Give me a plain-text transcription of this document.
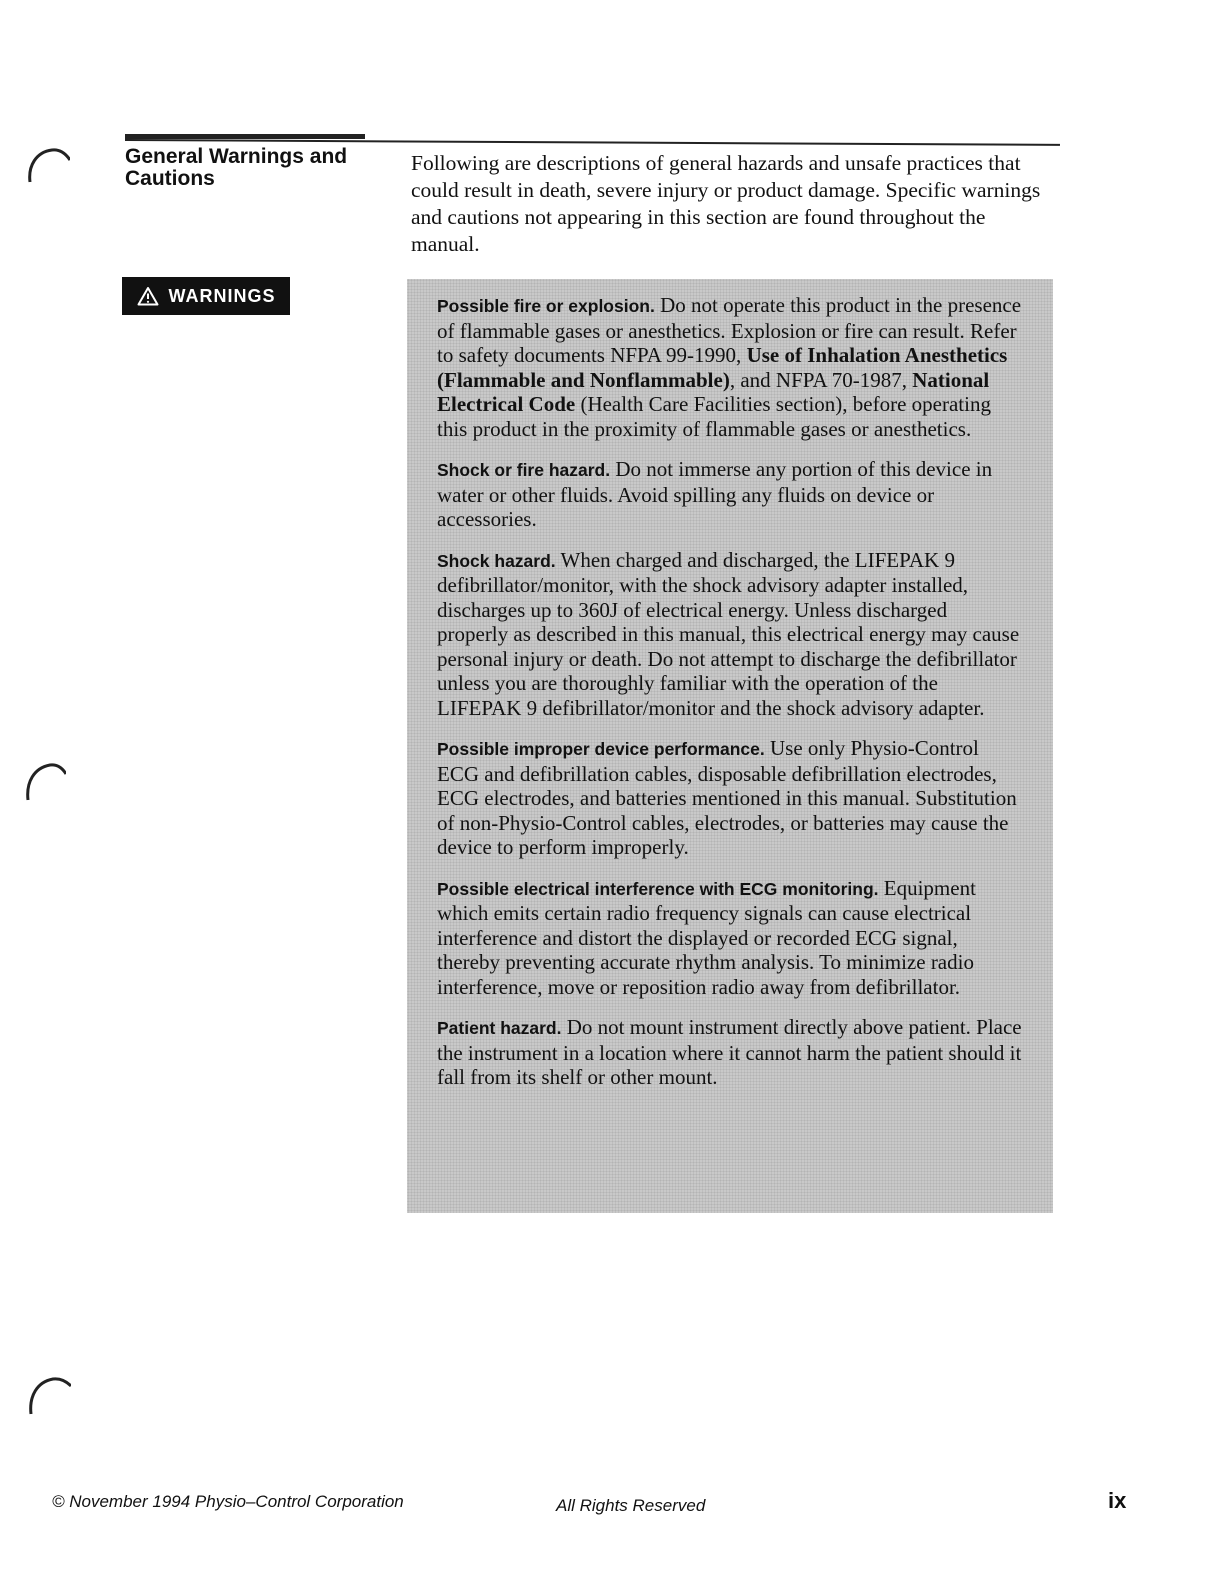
General Warnings and
Cautions
Following are descriptions of general hazards and unsafe practices that could result in death, severe injury or product damage. Specific warnings and cautions not appearing in this section are found throughout the manual.
WARNINGS
Possible fire or explosion. Do not operate this product in the presence of flammable gases or anesthetics. Explosion or fire can result. Refer to safety documents NFPA 99-1990, Use of Inhalation Anesthetics (Flammable and Nonflammable), and NFPA 70-1987, National Electrical Code (Health Care Facilities section), before operating this product in the proximity of flammable gases or anesthetics.
Shock or fire hazard. Do not immerse any portion of this device in water or other fluids. Avoid spilling any fluids on device or accessories.
Shock hazard. When charged and discharged, the LIFEPAK 9 defibrillator/monitor, with the shock advisory adapter installed, discharges up to 360J of electrical energy. Unless discharged properly as described in this manual, this electrical energy may cause personal injury or death. Do not attempt to discharge the defibrillator unless you are thoroughly familiar with the operation of the LIFEPAK 9 defibrillator/monitor and the shock advisory adapter.
Possible improper device performance. Use only Physio-Control ECG and defibrillation cables, disposable defibrillation electrodes, ECG electrodes, and batteries mentioned in this manual. Substitution of non-Physio-Control cables, electrodes, or batteries may cause the device to perform improperly.
Possible electrical interference with ECG monitoring. Equipment which emits certain radio frequency signals can cause electrical interference and distort the displayed or recorded ECG signal, thereby preventing accurate rhythm analysis. To minimize radio interference, move or reposition radio away from defibrillator.
Patient hazard. Do not mount instrument directly above patient. Place the instrument in a location where it cannot harm the patient should it fall from its shelf or other mount.
© November 1994 Physio–Control Corporation	All Rights Reserved	ix
